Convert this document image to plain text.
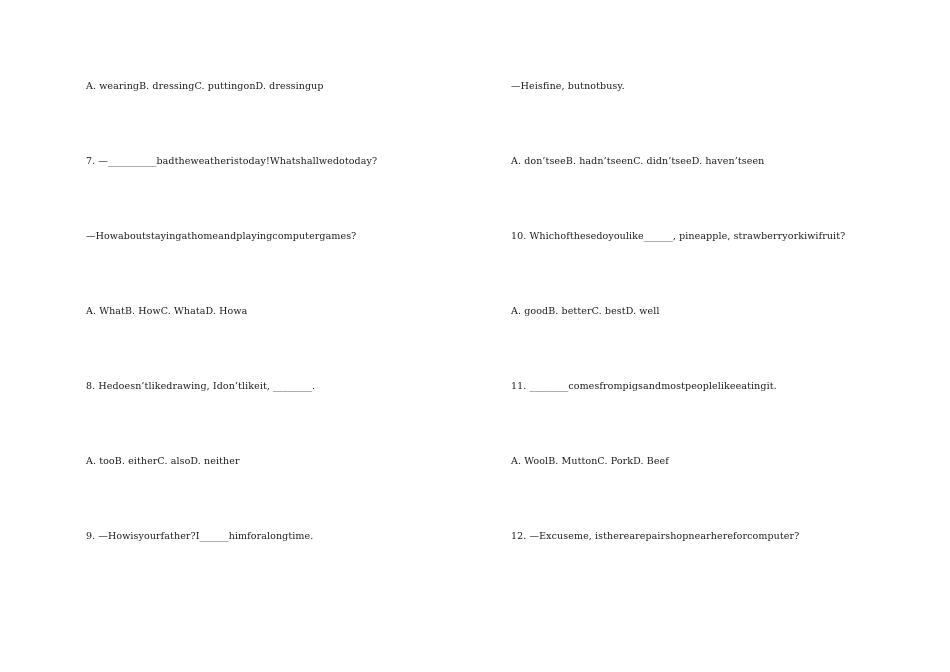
A. wearingB. dressingC. puttingonD. dressingup
7. —__________badtheweatheristoday!Whatshallwedotoday?
—Howaboutstayingathomeandplayingcomputergames?
A. WhatB. HowC. WhataD. Howa
8. Hedoesn’tlikedrawing, Idon’tlikeit, ________.
A. tooB. eitherC. alsoD. neither
9. —Howisyourfather?I______himforalongtime.
—Heisfine, butnotbusy.
A. don’tseeB. hadn’tseenC. didn’tseeD. haven’tseen
10. Whichofthesedoyoulike______, pineapple, strawberryorkiwifruit?
A. goodB. betterC. bestD. well
11. ________comesfrompigsandmostpeoplelikeeatingit.
A. WoolB. MuttonC. PorkD. Beef
12. —Excuseme, istherearepairshopnearhereforcomputer?
